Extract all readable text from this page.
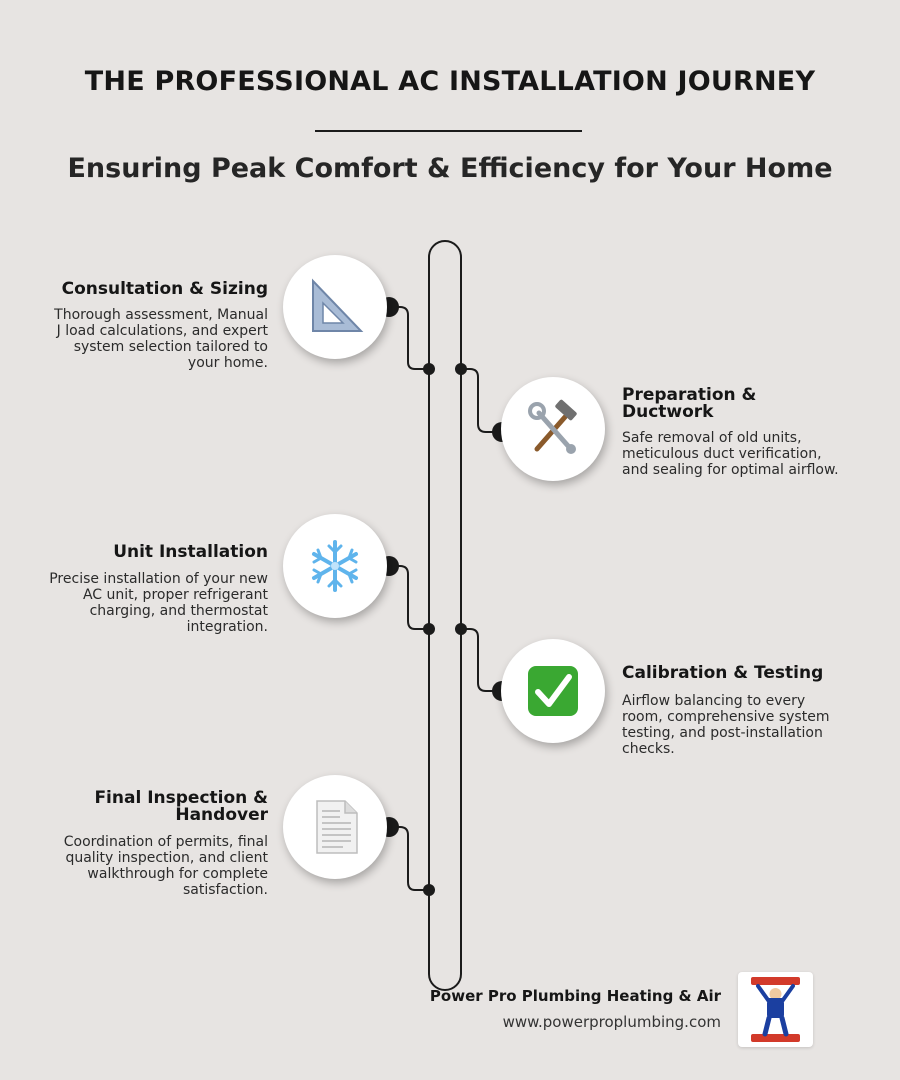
THE PROFESSIONAL AC INSTALLATION JOURNEY
Ensuring Peak Comfort & Efficiency for Your Home

Consultation & Sizing

Thorough assessment, Manual J load calculations, and expert system selection tailored to your home.

Preparation & Ductwork

Safe removal of old units, meticulous duct verification, and sealing for optimal airflow.

Unit Installation

Precise installation of your new AC unit, proper refrigerant charging, and thermostat integration.

Calibration & Testing

Airflow balancing to every room, comprehensive system testing, and post-installation checks.

Final Inspection & Handover

Coordination of permits, final quality inspection, and client walkthrough for complete satisfaction.

Power Pro Plumbing Heating & Air
www.powerproplumbing.com
